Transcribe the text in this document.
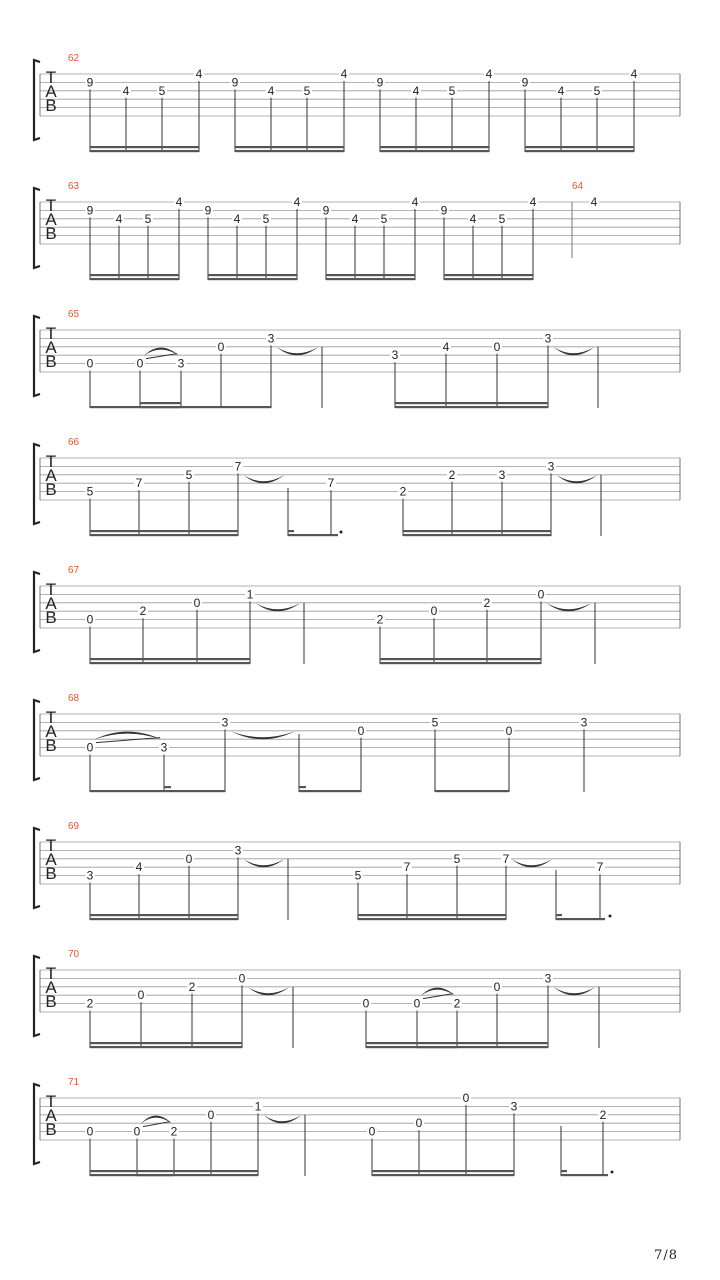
T
A
B
62
9
4 5
4
9
4 5
4
9
4 5
4
9
4 5
4
T
A
B
63	64
9
4 5
4
9
4 5
4
9
4 5
4
9
4 5
4	4
T
A
B
65
0	0	3
0
3
3
4	0
3
T
A
B
66
5
7
5
7
7
2
2	3
3
T
A
B
67
0
2
0
1
2
0
2
0
T
A
B
68
0	3
3
0
5
0
3
T
A
B
69
3
4
0
3
5
7
5	7
7
T
A
B
70
2
0
2
0
0	0	2
0
3
T
A
B
71
0	0	2
0
1
0
0
0
3
2
7/8
